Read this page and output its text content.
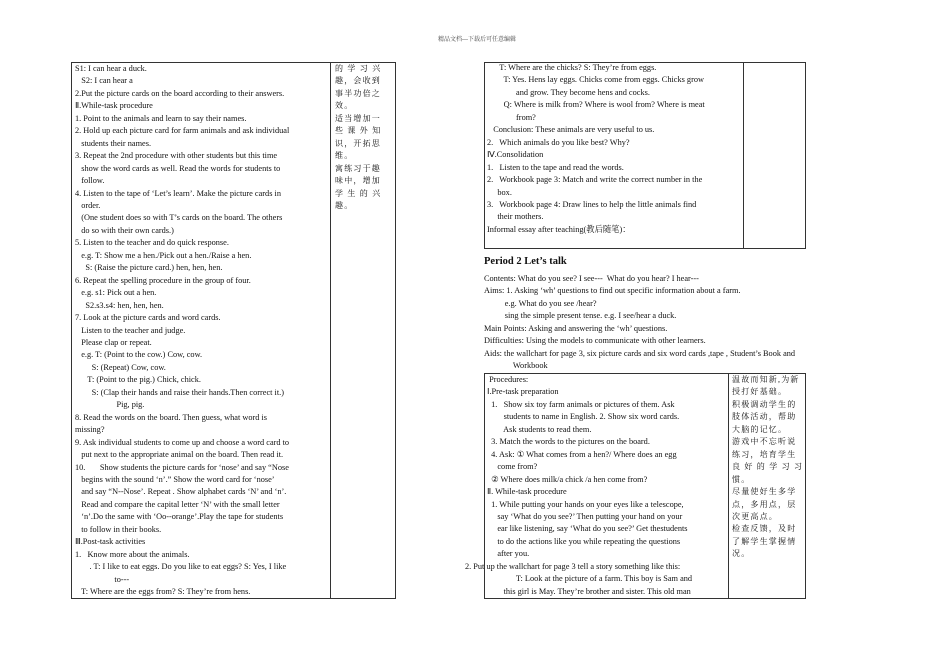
精品文档---下载后可任意编辑
S1: I can hear a duck.
S2: I can hear a
2.Put the picture cards on the board according to their answers.
Ⅱ.While-task procedure
1. Point to the animals and learn to say their names.
2. Hold up each picture card for farm animals and ask individual
students their names.
3. Repeat the 2nd procedure with other students but this time
show the word cards as well. Read the words for students to
follow.
4. Listen to the tape of ‘Let’s learn’. Make the picture cards in
order.
(One student does so with T’s cards on the board. The others
do so with their own cards.)
5. Listen to the teacher and do quick response.
e.g. T: Show me a hen./Pick out a hen./Raise a hen.
S: (Raise the picture card.) hen, hen, hen.
6. Repeat the spelling procedure in the group of four.
e.g. s1: Pick out a hen.
S2.s3.s4: hen, hen, hen.
7. Look at the picture cards and word cards.
Listen to the teacher and judge.
Please clap or repeat.
e.g. T: (Point to the cow.) Cow, cow.
S: (Repeat) Cow, cow.
T: (Point to the pig.) Chick, chick.
S: (Clap their hands and raise their hands.Then correct it.)
Pig, pig.
8. Read the words on the board. Then guess, what word is
missing?
9. Ask individual students to come up and choose a word card to
put next to the appropriate animal on the board. Then read it.
10.       Show students the picture cards for ‘nose’ and say “Nose
begins with the sound ‘n’.” Show the word card for ‘nose’
and say “N--Nose’. Repeat . Show alphabet cards ‘N’ and ‘n’.
Read and compare the capital letter ‘N’ with the small letter
‘n’.Do the same with ‘Oo--orange’.Play the tape for students
to follow in their books.
Ⅲ.Post-task activities
1.   Know more about the animals.
. T: I like to eat eggs. Do you like to eat eggs? S: Yes, I like
to---
T: Where are the eggs from? S: They’re from hens.
的 学 习 兴
趣，会收到
事半功倍之
效。
适当增加一
些 课 外 知
识，开拓思
维。
寓练习于趣
味中，增加
学 生 的 兴
趣。
T: Where are the chicks? S: They’re from eggs.
T: Yes. Hens lay eggs. Chicks come from eggs. Chicks grow
and grow. They become hens and cocks.
Q: Where is milk from? Where is wool from? Where is meat
from?
Conclusion: These animals are very useful to us.
2.   Which animals do you like best? Why?
Ⅳ.Consolidation
1.   Listen to the tape and read the words.
2.   Workbook page 3: Match and write the correct number in the
box.
3.   Workbook page 4: Draw lines to help the little animals find
their mothers.
Informal essay after teaching(教后随笔)：
Period 2 Let’s talk
Contents: What do you see? I see---  What do you hear? I hear---
Aims: 1. Asking ‘wh’ questions to find out specific information about a farm.
e.g. What do you see /hear?
sing the simple present tense. e.g. I see/hear a duck.
Main Points: Asking and answering the ‘wh’ questions.
Difficulties: Using the models to communicate with other learners.
Aids: the wallchart for page 3, six picture cards and six word cards ,tape , Student’s Book and
Workbook
Procedures:
Ⅰ.Pre-task preparation
1.   Show six toy farm animals or pictures of them. Ask
students to name in English. 2. Show six word cards.
Ask students to read them.
3. Match the words to the pictures on the board.
4. Ask: ① What comes from a hen?/ Where does an egg
come from?
② Where does milk/a chick /a hen come from?
Ⅱ. While-task procedure
1. While putting your hands on your eyes like a telescope,
say ‘What do you see?’ Then putting your hand on your
ear like listening, say ‘What do you see?’ Get thestudents
to do the actions like you while repeating the questions
after you.

T: Look at the picture of a farm. This boy is Sam and
this girl is May. They’re brother and sister. This old man
温故而知新,为新
授打好基础。
积极调动学生的
肢体活动，帮助
大脑的记忆。
游戏中不忘听说
练习，培育学生
良 好 的 学 习 习
惯。
尽量使好生多学
点，多用点，层
次更高点。
检查反馈，及时
了解学生掌握情
况。
2. Put up the wallchart for page 3 tell a story something like this:
